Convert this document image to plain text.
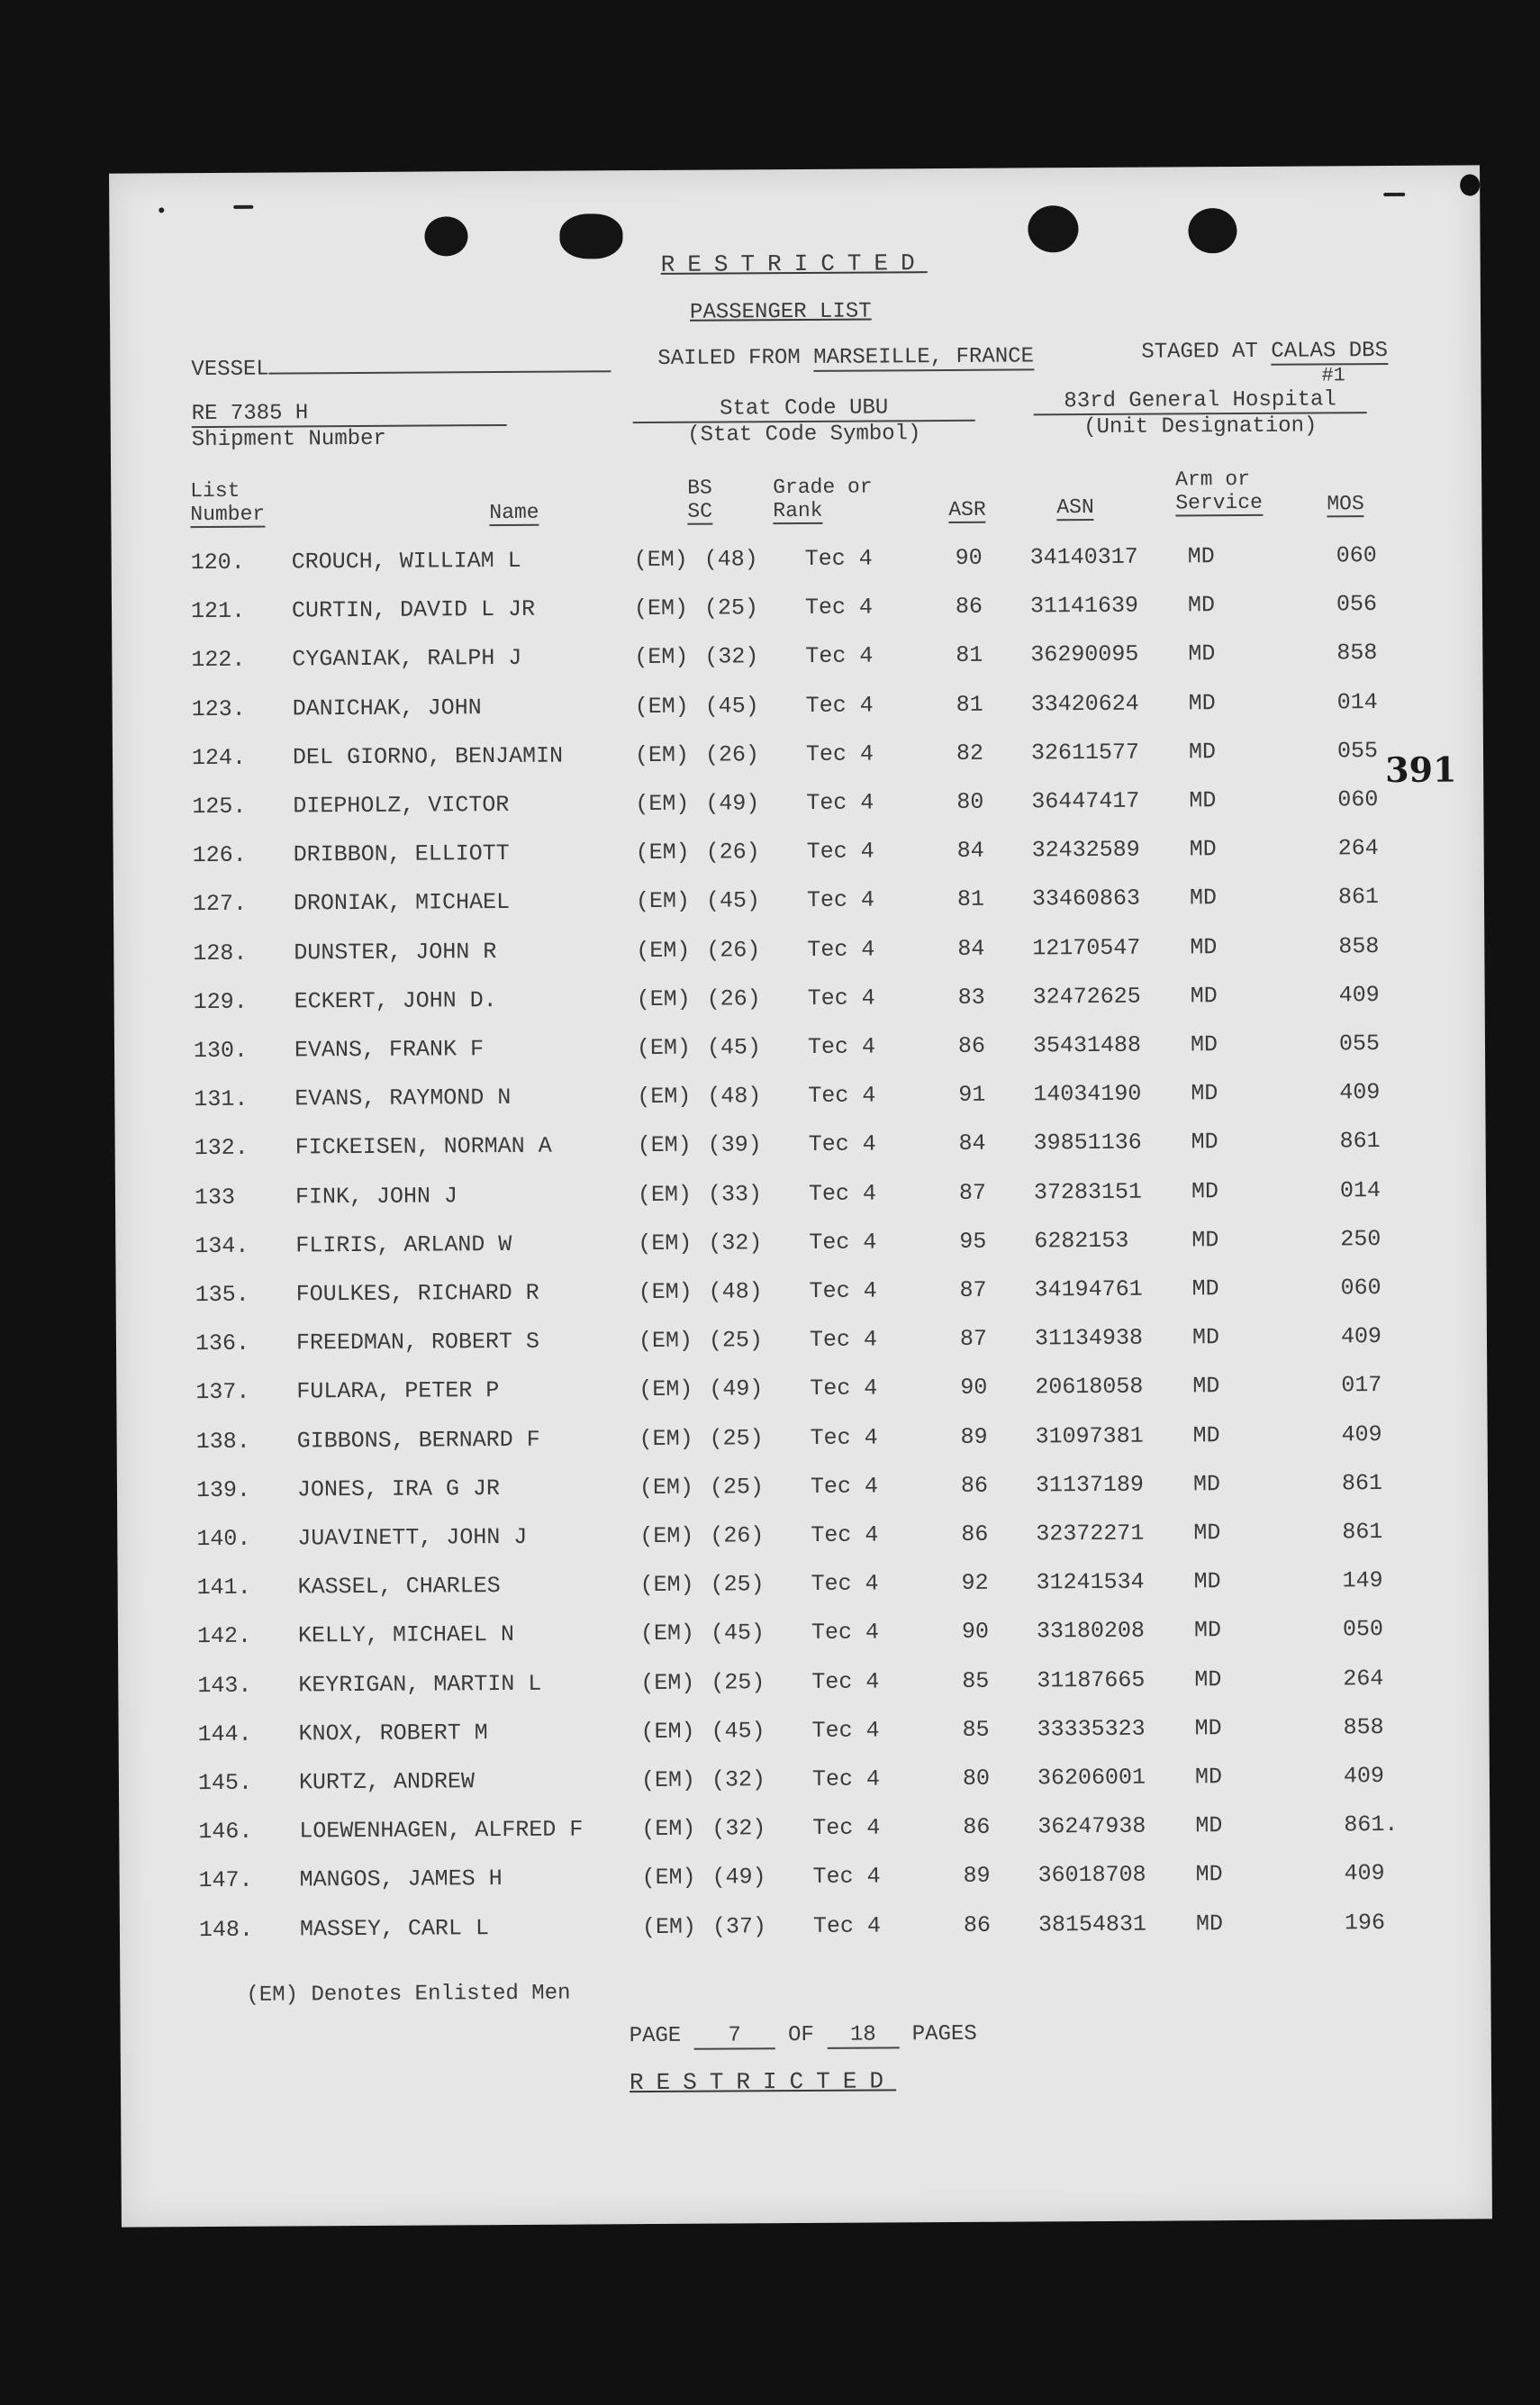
RESTRICTED
PASSENGER LIST
VESSEL	SAILED FROM MARSEILLE, FRANCE	STAGED AT CALAS DBS
#1
RE 7385 H
Shipment Number
Stat Code UBU
(Stat Code Symbol)
83rd General Hospital
(Unit Designation)
List
Number	Name
BS
SC
Grade or
Rank	ASR	ASN
Arm or
Service	MOS
120. CROUCH, WILLIAM L	(EM) (48) Tec 4	90 34140317 MD	060
121. CURTIN, DAVID L JR	(EM) (25) Tec 4	86 31141639 MD	056
122. CYGANIAK, RALPH J	(EM) (32) Tec 4	81 36290095 MD	858
123. DANICHAK, JOHN	(EM) (45) Tec 4	81 33420624 MD	014
124. DEL GIORNO, BENJAMIN	(EM) (26) Tec 4	82 32611577 MD	055
125. DIEPHOLZ, VICTOR	(EM) (49) Tec 4	80 36447417 MD	060
126. DRIBBON, ELLIOTT	(EM) (26) Tec 4	84 32432589 MD	264
127. DRONIAK, MICHAEL	(EM) (45) Tec 4	81 33460863 MD	861
128. DUNSTER, JOHN R	(EM) (26) Tec 4	84 12170547 MD	858
129. ECKERT, JOHN D.	(EM) (26) Tec 4	83 32472625 MD	409
130. EVANS, FRANK F	(EM) (45) Tec 4	86 35431488 MD	055
131. EVANS, RAYMOND N	(EM) (48) Tec 4	91 14034190 MD	409
132. FICKEISEN, NORMAN A	(EM) (39) Tec 4	84 39851136 MD	861
133	FINK, JOHN J	(EM) (33) Tec 4	87 37283151 MD	014
134. FLIRIS, ARLAND W	(EM) (32) Tec 4	95 6282153	MD	250
135. FOULKES, RICHARD R	(EM) (48) Tec 4	87 34194761 MD	060
136. FREEDMAN, ROBERT S	(EM) (25) Tec 4	87 31134938 MD	409
137. FULARA, PETER P	(EM) (49) Tec 4	90 20618058 MD	017
138. GIBBONS, BERNARD F	(EM) (25) Tec 4	89 31097381 MD	409
139. JONES, IRA G JR	(EM) (25) Tec 4	86 31137189 MD	861
140. JUAVINETT, JOHN J	(EM) (26) Tec 4	86 32372271 MD	861
141. KASSEL, CHARLES	(EM) (25) Tec 4	92 31241534 MD	149
142. KELLY, MICHAEL N	(EM) (45) Tec 4	90 33180208 MD	050
143. KEYRIGAN, MARTIN L	(EM) (25) Tec 4	85 31187665 MD	264
144. KNOX, ROBERT M	(EM) (45) Tec 4	85 33335323 MD	858
145. KURTZ, ANDREW	(EM) (32) Tec 4	80 36206001 MD	409
146. LOEWENHAGEN, ALFRED F	(EM) (32) Tec 4	86 36247938 MD	861.
147. MANGOS, JAMES H	(EM) (49) Tec 4	89 36018708 MD	409
148. MASSEY, CARL L	(EM) (37) Tec 4	86 38154831 MD	196
(EM) Denotes Enlisted Men
PAGE 7 OF 18 PAGES
RESTRICTED
391
